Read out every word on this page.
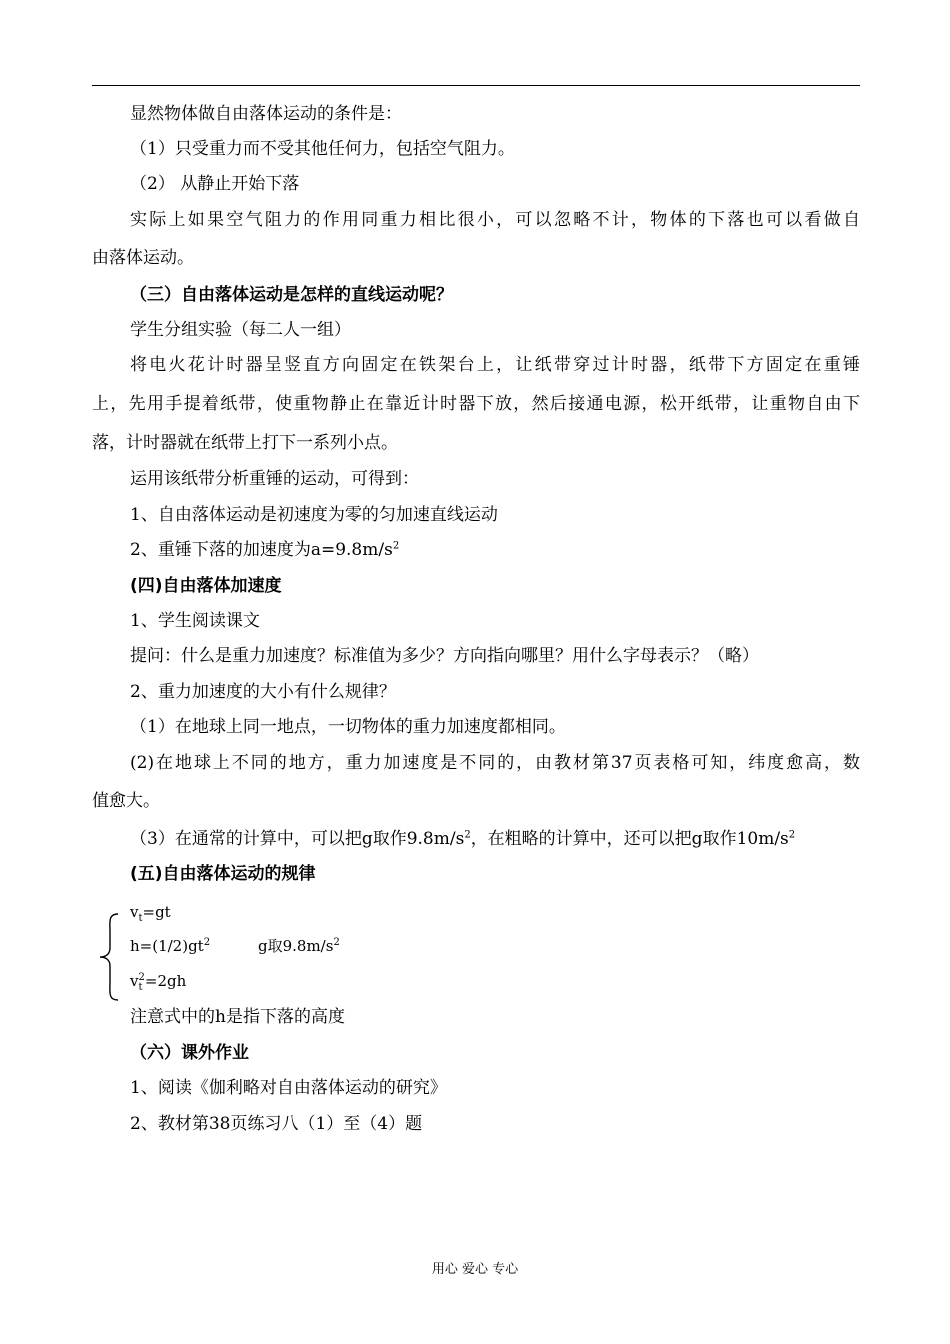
显然物体做自由落体运动的条件是：
（1）只受重力而不受其他任何力，包括空气阻力。
（2） 从静止开始下落
实际上如果空气阻力的作用同重力相比很小，可以忽略不计，物体的下落也可以看做自
由落体运动。
（三）自由落体运动是怎样的直线运动呢？
学生分组实验（每二人一组）
将电火花计时器呈竖直方向固定在铁架台上，让纸带穿过计时器，纸带下方固定在重锤
上，先用手提着纸带，使重物静止在靠近计时器下放，然后接通电源，松开纸带，让重物自由下
落，计时器就在纸带上打下一系列小点。
运用该纸带分析重锤的运动，可得到：
1、自由落体运动是初速度为零的匀加速直线运动
2、重锤下落的加速度为$a=9.8m/s^2$
(四)自由落体加速度
1、学生阅读课文
提问：什么是重力加速度？标准值为多少？方向指向哪里？用什么字母表示？（略）
2、重力加速度的大小有什么规律？
（1）在地球上同一地点，一切物体的重力加速度都相同。
(2)在地球上不同的地方，重力加速度是不同的，由教材第37页表格可知，纬度愈高，数
值愈大。
（3）在通常的计算中，可以把g取作$9.8m/s^2$，在粗略的计算中，还可以把g取作$10m/s^2$
(五)自由落体运动的规律
$v_t=gt$
$h=(1/2)gt^2$	g取$9.8m/s^2$
$v_t^2=2gh$
注意式中的h是指下落的高度
（六）课外作业
1、阅读《伽利略对自由落体运动的研究》
2、教材第38页练习八（1）至（4）题
用心 爱心 专心
